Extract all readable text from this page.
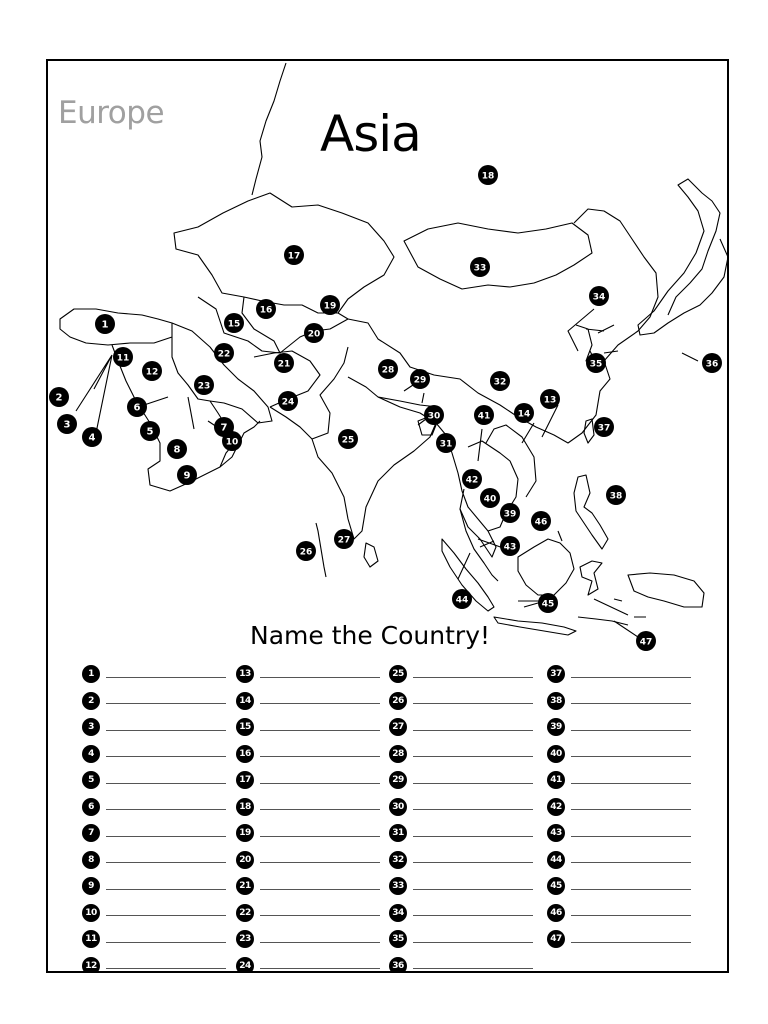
1
2
3
4
5
6
7
8
9
10
11
12
13
14
15
16
17
18
19
20
21
22
23
24
25
26
27
28
29
30
31
32
33
34
35	36
37
38
39
40
41
42
43
44	45
46
47
Europe	Asia
Name the Country!
1
2
3
4
5
6
7
8
9
10
11
12
13
14
15
16
17
18
19
20
21
22
23
24
25
26
27
28
29
30
31
32
33
34
35
36
37
38
39
40
41
42
43
44
45
46
47
